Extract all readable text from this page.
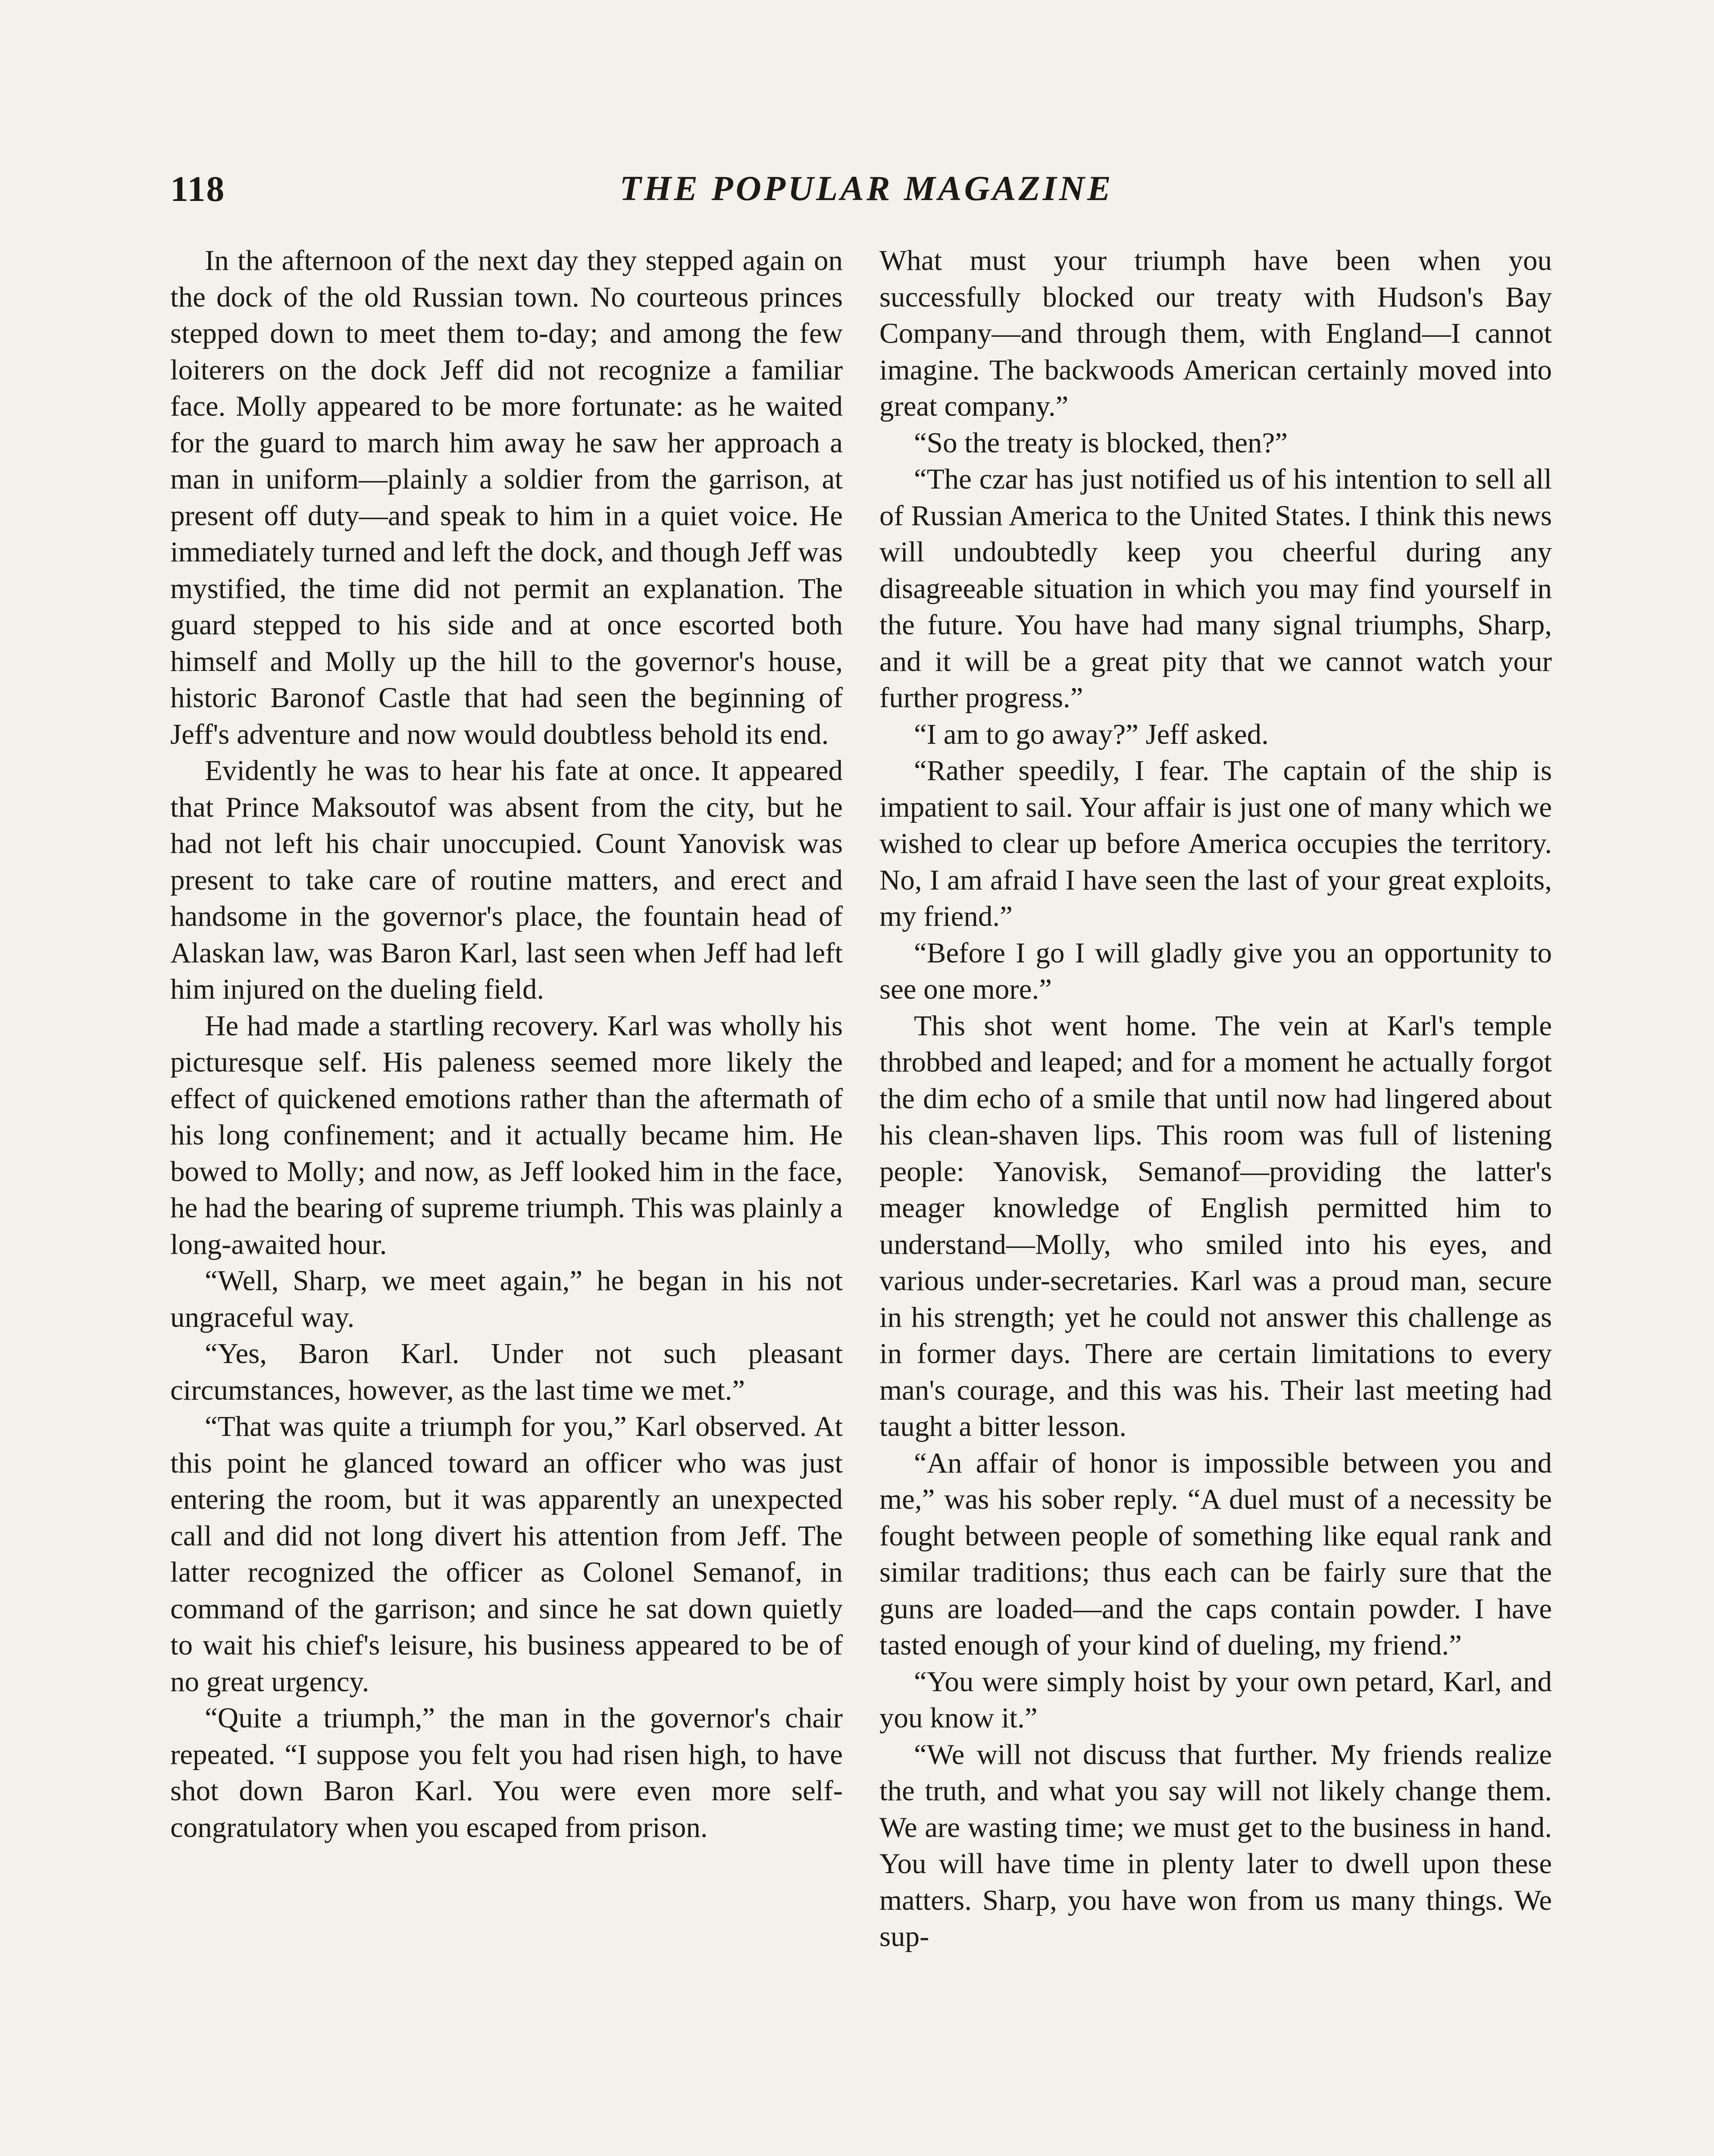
118	THE POPULAR MAGAZINE

In the afternoon of the next day they stepped again on the dock of the old Russian town. No courteous princes stepped down to meet them to-day; and among the few loiterers on the dock Jeff did not recognize a familiar face. Molly appeared to be more fortunate: as he waited for the guard to march him away he saw her approach a man in uniform—plainly a soldier from the garrison, at present off duty—and speak to him in a quiet voice. He immediately turned and left the dock, and though Jeff was mystified, the time did not permit an explanation. The guard stepped to his side and at once escorted both himself and Molly up the hill to the governor's house, historic Baronof Castle that had seen the beginning of Jeff's adventure and now would doubtless behold its end.

Evidently he was to hear his fate at once. It appeared that Prince Maksoutof was absent from the city, but he had not left his chair unoccupied. Count Yanovisk was present to take care of routine matters, and erect and handsome in the governor's place, the fountain head of Alaskan law, was Baron Karl, last seen when Jeff had left him injured on the dueling field.

He had made a startling recovery. Karl was wholly his picturesque self. His paleness seemed more likely the effect of quickened emotions rather than the aftermath of his long confinement; and it actually became him. He bowed to Molly; and now, as Jeff looked him in the face, he had the bearing of supreme triumph. This was plainly a long-awaited hour.

“Well, Sharp, we meet again,” he began in his not ungraceful way.

“Yes, Baron Karl. Under not such pleasant circumstances, however, as the last time we met.”

“That was quite a triumph for you,” Karl observed. At this point he glanced toward an officer who was just entering the room, but it was apparently an unexpected call and did not long divert his attention from Jeff. The latter recognized the officer as Colonel Semanof, in command of the garrison; and since he sat down quietly to wait his chief's leisure, his business appeared to be of no great urgency.

“Quite a triumph,” the man in the governor's chair repeated. “I suppose you felt you had risen high, to have shot down Baron Karl. You were even more self-congratulatory when you escaped from prison.

What must your triumph have been when you successfully blocked our treaty with Hudson's Bay Company—and through them, with England—I cannot imagine. The backwoods American certainly moved into great company.”

“So the treaty is blocked, then?”

“The czar has just notified us of his intention to sell all of Russian America to the United States. I think this news will undoubtedly keep you cheerful during any disagreeable situation in which you may find yourself in the future. You have had many signal triumphs, Sharp, and it will be a great pity that we cannot watch your further progress.”

“I am to go away?” Jeff asked.

“Rather speedily, I fear. The captain of the ship is impatient to sail. Your affair is just one of many which we wished to clear up before America occupies the territory. No, I am afraid I have seen the last of your great exploits, my friend.”

“Before I go I will gladly give you an opportunity to see one more.”

This shot went home. The vein at Karl's temple throbbed and leaped; and for a moment he actually forgot the dim echo of a smile that until now had lingered about his clean-shaven lips. This room was full of listening people: Yanovisk, Semanof—providing the latter's meager knowledge of English permitted him to understand—Molly, who smiled into his eyes, and various under-secretaries. Karl was a proud man, secure in his strength; yet he could not answer this challenge as in former days. There are certain limitations to every man's courage, and this was his. Their last meeting had taught a bitter lesson.

“An affair of honor is impossible between you and me,” was his sober reply. “A duel must of a necessity be fought between people of something like equal rank and similar traditions; thus each can be fairly sure that the guns are loaded—and the caps contain powder. I have tasted enough of your kind of dueling, my friend.”

“You were simply hoist by your own petard, Karl, and you know it.”

“We will not discuss that further. My friends realize the truth, and what you say will not likely change them. We are wasting time; we must get to the business in hand. You will have time in plenty later to dwell upon these matters. Sharp, you have won from us many things. We sup-
